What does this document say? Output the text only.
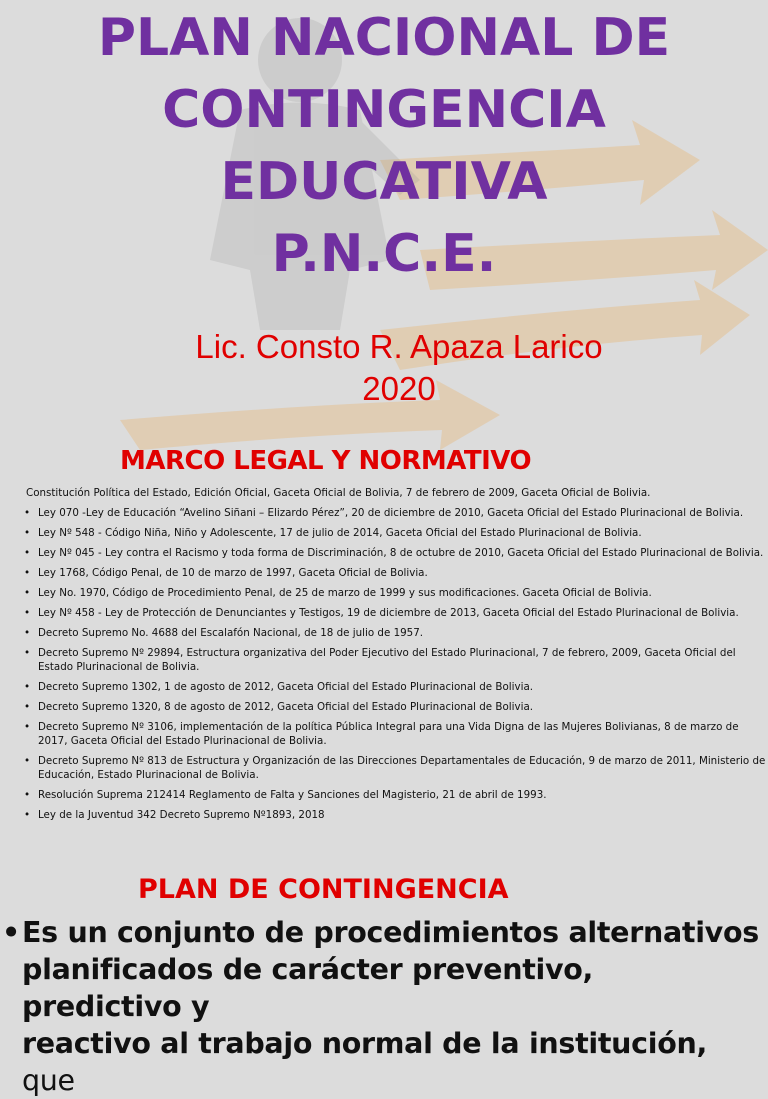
PLAN NACIONAL DE
CONTINGENCIA
EDUCATIVA
P.N.C.E.
Lic. Consto R. Apaza Larico
2020
MARCO LEGAL Y NORMATIVO
Constitución Política del Estado, Edición Oficial, Gaceta Oficial de Bolivia, 7 de febrero de 2009, Gaceta Oficial de Bolivia.
• Ley 070 -Ley de Educación “Avelino Siñani – Elizardo Pérez”, 20 de diciembre de 2010, Gaceta Oficial del Estado Plurinacional de Bolivia.
• Ley Nº 548 - Código Niña, Niño y Adolescente, 17 de julio de 2014, Gaceta Oficial del Estado Plurinacional de Bolivia.
• Ley Nº 045 - Ley contra el Racismo y toda forma de Discriminación, 8 de octubre de 2010, Gaceta Oficial del Estado Plurinacional de Bolivia.
• Ley 1768, Código Penal, de 10 de marzo de 1997, Gaceta Oficial de Bolivia.
• Ley No. 1970, Código de Procedimiento Penal, de 25 de marzo de 1999 y sus modificaciones. Gaceta Oficial de Bolivia.
• Ley Nº 458 - Ley de Protección de Denunciantes y Testigos, 19 de diciembre de 2013, Gaceta Oficial del Estado Plurinacional de Bolivia.
• Decreto Supremo No. 4688 del Escalafón Nacional, de 18 de julio de 1957.
• Decreto Supremo Nº 29894, Estructura organizativa del Poder Ejecutivo del Estado Plurinacional, 7 de febrero, 2009, Gaceta Oficial del Estado Plurinacional de Bolivia.
• Decreto Supremo 1302, 1 de agosto de 2012, Gaceta Oficial del Estado Plurinacional de Bolivia.
• Decreto Supremo 1320, 8 de agosto de 2012, Gaceta Oficial del Estado Plurinacional de Bolivia.
• Decreto Supremo Nº 3106, implementación de la política Pública Integral para una Vida Digna de las Mujeres Bolivianas, 8 de marzo de 2017, Gaceta Oficial del Estado Plurinacional de Bolivia.
• Decreto Supremo Nº 813 de Estructura y Organización de las Direcciones Departamentales de Educación, 9 de marzo de 2011, Ministerio de Educación, Estado Plurinacional de Bolivia.
• Resolución Suprema 212414 Reglamento de Falta y Sanciones del Magisterio, 21 de abril de 1993.
• Ley de la Juventud 342 Decreto Supremo Nº1893, 2018
PLAN DE CONTINGENCIA
•Es un conjunto de procedimientos alternativos
planificados de carácter preventivo, predictivo y
reactivo al trabajo normal de la institución,  que
